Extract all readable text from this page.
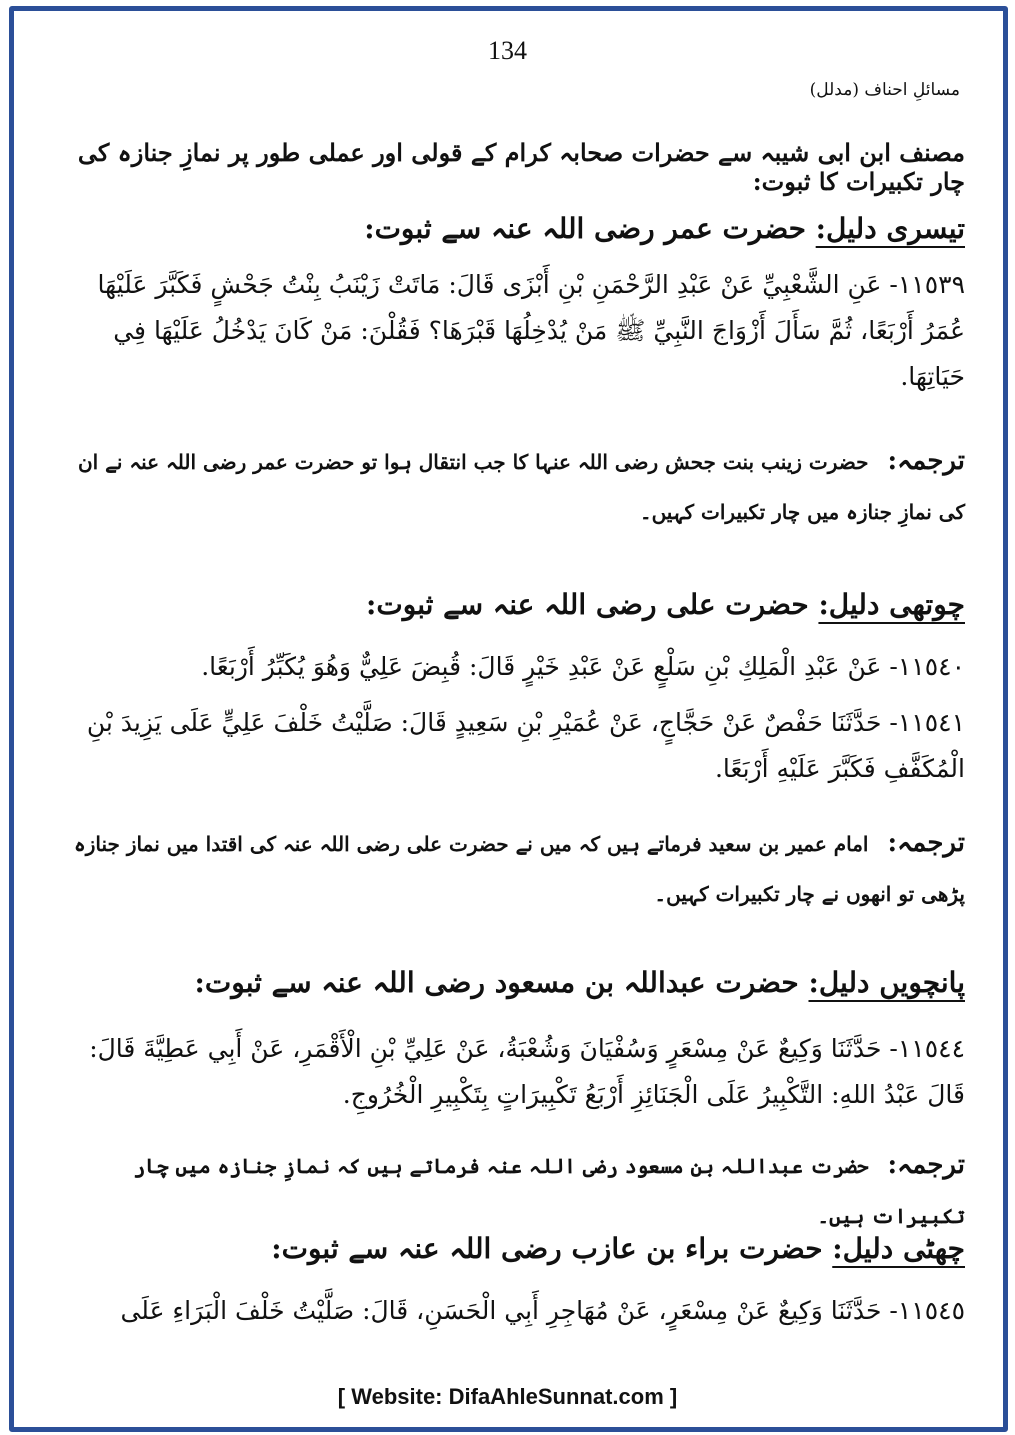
134
مسائلِ احناف (مدلل)
مصنف ابن ابی شیبہ سے حضرات صحابہ کرام کے قولی اور عملی طور پر نمازِ جنازہ کی چار تکبیرات کا ثبوت:
تیسری دلیل: حضرت عمر رضی اللہ عنہ سے ثبوت:
١١٥٣٩- عَنِ الشَّعْبِيِّ عَنْ عَبْدِ الرَّحْمَنِ بْنِ أَبْزَى قَالَ: مَاتَتْ زَيْنَبُ بِنْتُ جَحْشٍ فَكَبَّرَ عَلَيْهَا عُمَرُ أَرْبَعًا، ثُمَّ سَأَلَ أَزْوَاجَ النَّبِيِّ ﷺ مَنْ يُدْخِلُهَا قَبْرَهَا؟ فَقُلْنَ: مَنْ كَانَ يَدْخُلُ عَلَيْهَا فِي حَيَاتِهَا.
ترجمہ: حضرت زینب بنت جحش رضی اللہ عنہا کا جب انتقال ہوا تو حضرت عمر رضی اللہ عنہ نے ان کی نمازِ جنازہ میں چار تکبیرات کہیں۔
چوتھی دلیل: حضرت علی رضی اللہ عنہ سے ثبوت:
١١٥٤٠- عَنْ عَبْدِ الْمَلِكِ بْنِ سَلْعٍ عَنْ عَبْدِ خَيْرٍ قَالَ: قُبِضَ عَلِيٌّ وَهُوَ يُكَبِّرُ أَرْبَعًا.
١١٥٤١- حَدَّثَنَا حَفْصٌ عَنْ حَجَّاجٍ، عَنْ عُمَيْرِ بْنِ سَعِيدٍ قَالَ: صَلَّيْتُ خَلْفَ عَلِيٍّ عَلَى يَزِيدَ بْنِ الْمُكَفَّفِ فَكَبَّرَ عَلَيْهِ أَرْبَعًا.
ترجمہ: امام عمیر بن سعید فرماتے ہیں کہ میں نے حضرت علی رضی اللہ عنہ کی اقتدا میں نماز جنازہ پڑھی تو انھوں نے چار تکبیرات کہیں۔
پانچویں دلیل: حضرت عبداللہ بن مسعود رضی اللہ عنہ سے ثبوت:
١١٥٤٤- حَدَّثَنَا وَكِيعٌ عَنْ مِسْعَرٍ وَسُفْيَانَ وَشُعْبَةُ، عَنْ عَلِيِّ بْنِ الْأَقْمَرِ، عَنْ أَبِي عَطِيَّةَ قَالَ: قَالَ عَبْدُ اللهِ: التَّكْبِيرُ عَلَى الْجَنَائِزِ أَرْبَعُ تَكْبِيرَاتٍ بِتَكْبِيرِ الْخُرُوجِ.
ترجمہ: حضرت عبداللہ بن مسعود رضی اللہ عنہ فرماتے ہیں کہ نمازِ جنازہ میں چار تکبیرات ہیں۔
چھٹی دلیل: حضرت براء بن عازب رضی اللہ عنہ سے ثبوت:
١١٥٤٥- حَدَّثَنَا وَكِيعٌ عَنْ مِسْعَرٍ، عَنْ مُهَاجِرِ أَبِي الْحَسَنِ، قَالَ: صَلَّيْتُ خَلْفَ الْبَرَاءِ عَلَى
[ Website: DifaAhleSunnat.com ]
